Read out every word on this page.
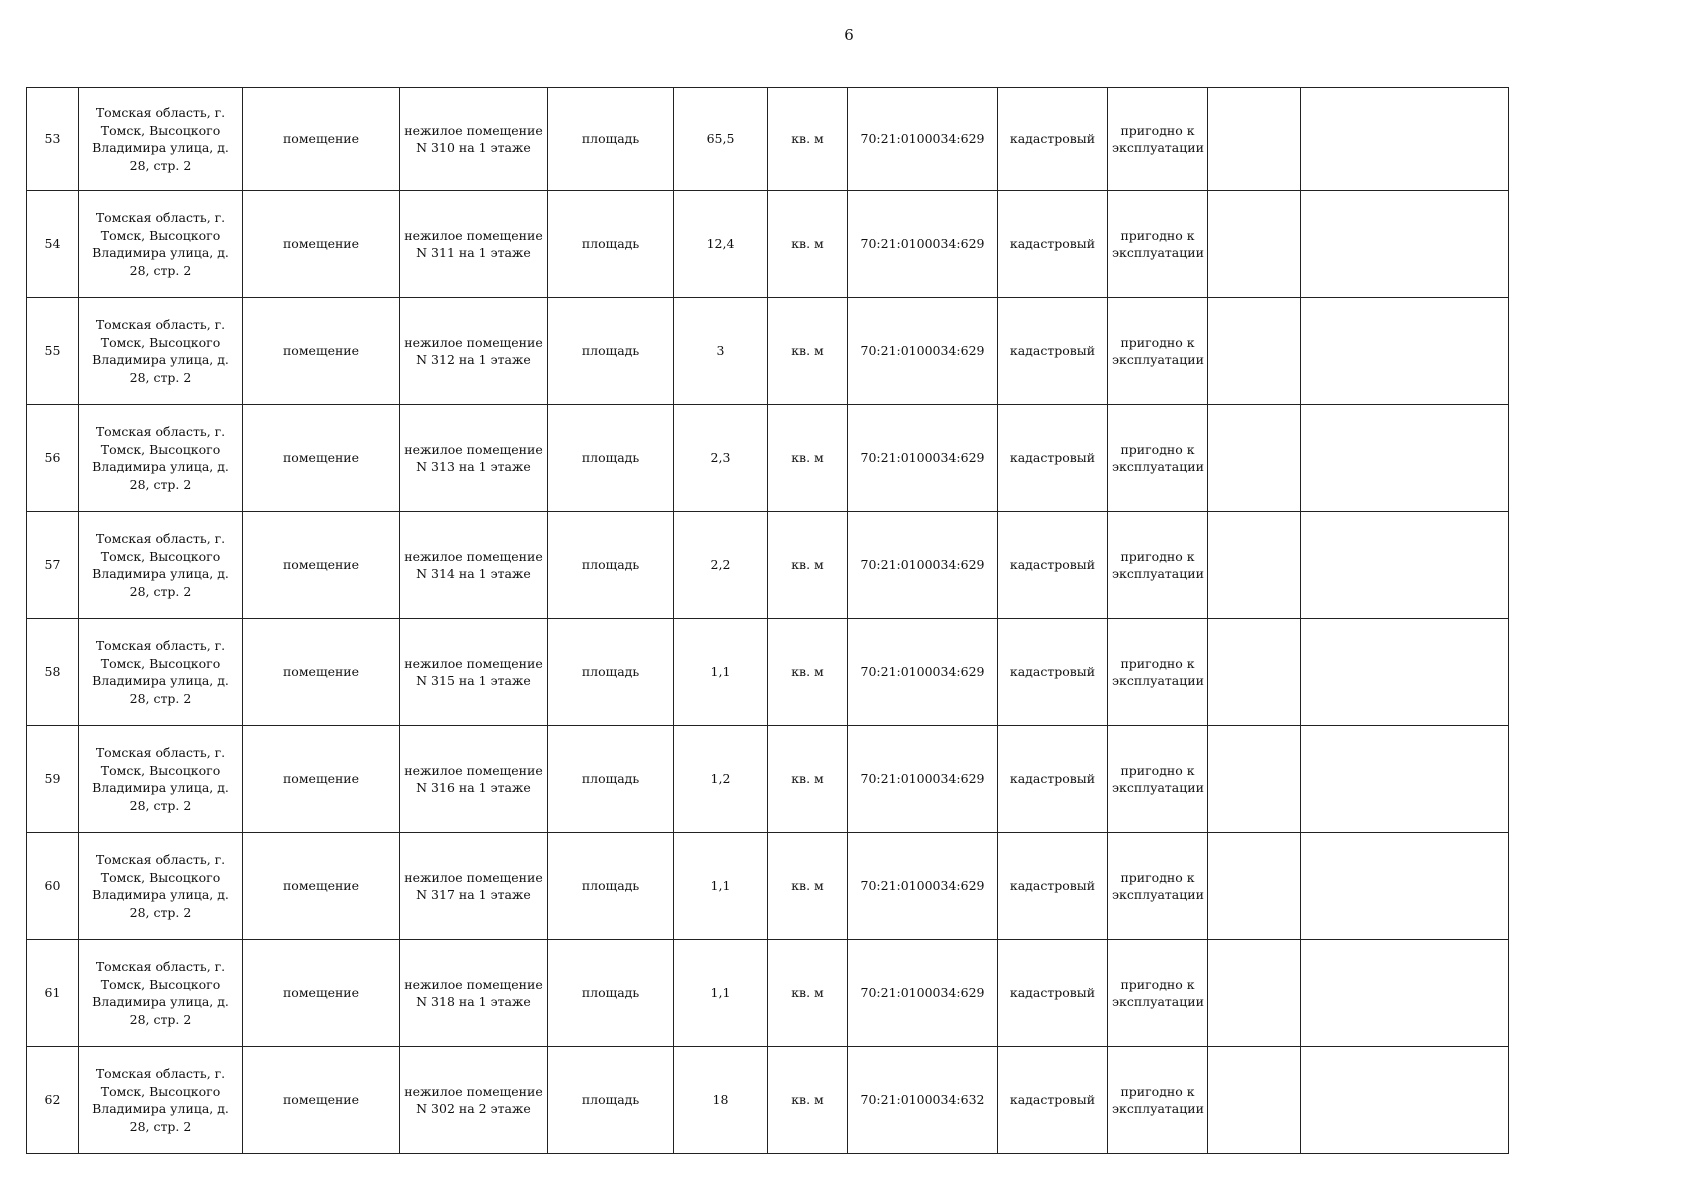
6
53	Томская область, г. Томск, Высоцкого Владимира улица, д. 28, стр. 2	помещение	нежилое помещение N 310 на 1 этаже	площадь	65,5	кв. м	70:21:0100034:629	кадастровый	пригодно к эксплуатации		
54	Томская область, г. Томск, Высоцкого Владимира улица, д. 28, стр. 2	помещение	нежилое помещение N 311 на 1 этаже	площадь	12,4	кв. м	70:21:0100034:629	кадастровый	пригодно к эксплуатации		
55	Томская область, г. Томск, Высоцкого Владимира улица, д. 28, стр. 2	помещение	нежилое помещение N 312 на 1 этаже	площадь	3	кв. м	70:21:0100034:629	кадастровый	пригодно к эксплуатации		
56	Томская область, г. Томск, Высоцкого Владимира улица, д. 28, стр. 2	помещение	нежилое помещение N 313 на 1 этаже	площадь	2,3	кв. м	70:21:0100034:629	кадастровый	пригодно к эксплуатации		
57	Томская область, г. Томск, Высоцкого Владимира улица, д. 28, стр. 2	помещение	нежилое помещение N 314 на 1 этаже	площадь	2,2	кв. м	70:21:0100034:629	кадастровый	пригодно к эксплуатации		
58	Томская область, г. Томск, Высоцкого Владимира улица, д. 28, стр. 2	помещение	нежилое помещение N 315 на 1 этаже	площадь	1,1	кв. м	70:21:0100034:629	кадастровый	пригодно к эксплуатации		
59	Томская область, г. Томск, Высоцкого Владимира улица, д. 28, стр. 2	помещение	нежилое помещение N 316 на 1 этаже	площадь	1,2	кв. м	70:21:0100034:629	кадастровый	пригодно к эксплуатации		
60	Томская область, г. Томск, Высоцкого Владимира улица, д. 28, стр. 2	помещение	нежилое помещение N 317 на 1 этаже	площадь	1,1	кв. м	70:21:0100034:629	кадастровый	пригодно к эксплуатации		
61	Томская область, г. Томск, Высоцкого Владимира улица, д. 28, стр. 2	помещение	нежилое помещение N 318 на 1 этаже	площадь	1,1	кв. м	70:21:0100034:629	кадастровый	пригодно к эксплуатации		
62	Томская область, г. Томск, Высоцкого Владимира улица, д. 28, стр. 2	помещение	нежилое помещение N 302 на 2 этаже	площадь	18	кв. м	70:21:0100034:632	кадастровый	пригодно к эксплуатации		
